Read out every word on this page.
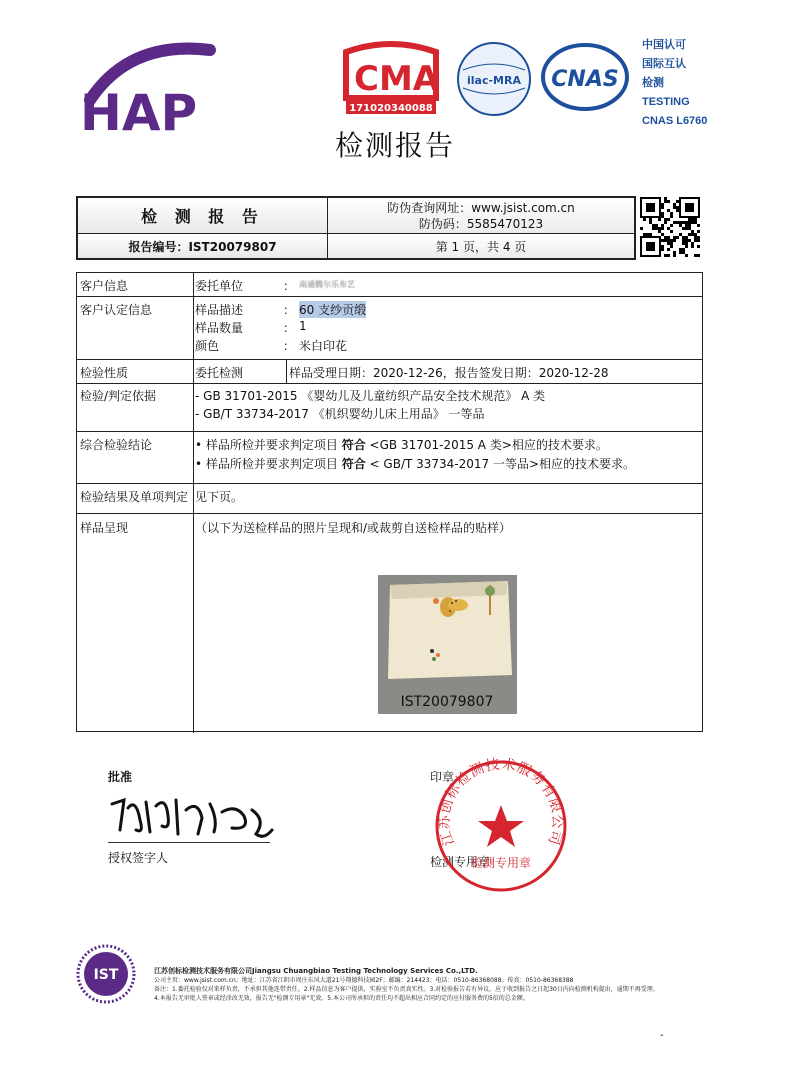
HAP
CMA
171020340088
ilac-MRA CNAS
中国认可
国际互认
检测
TESTING
CNAS L6760
检测报告
检 测 报 告	防伪查询网址：www.jsist.com.cn
防伪码：5585470123
报告编号：IST20079807	第 1 页，共 4 页
客户信息	委托单位	： 南通腾尔乐布艺
客户认定信息	样品描述	： 60 支纱贡缎
样品数量	： 1
颜色	： 米白印花
检验性质	委托检测	样品受理日期：2020-12-26，报告签发日期：2020-12-28
检验/判定依据	- GB 31701-2015 《婴幼儿及儿童纺织产品安全技术规范》 A 类
- GB/T 33734-2017 《机织婴幼儿床上用品》 一等品
综合检验结论	• 样品所检并要求判定项目 符合 <GB 31701-2015 A 类>相应的技术要求。
• 样品所检并要求判定项目 符合 < GB/T 33734-2017 一等品>相应的技术要求。
检验结果及单项判定 见下页。
样品呈现	（以下为送检样品的照片呈现和/或裁剪自送检样品的贴样）
IST20079807
批准
授权签字人
印章
检测专用章
江苏创标检测技术服务有限公司
检测专用章
IST	江苏创标检测技术服务有限公司Jiangsu Chuangbiao Testing Technology Services Co.,LTD.
公司主页：www.jsist.com.cn；地址：江苏省江阴市周庄东风大道21号翔德科技园2F；邮编：214423；电话：0510-86368088。传真：0510-86368388
备注：1.委托检验仅对来样负责，不承担其他连带责任。2.样品信息为客户提供，实验室不负责真实性。3.对检验报告若有异议，应于收到报告之日起30日内向检测机构提出，逾期不再受理。
4.本报告无审批人签章或经涂改无效，报告无"检测专用章"无效。5.本公司所承担的责任均不超出相应合同约定的应付服务费的5倍的总金额。
-
